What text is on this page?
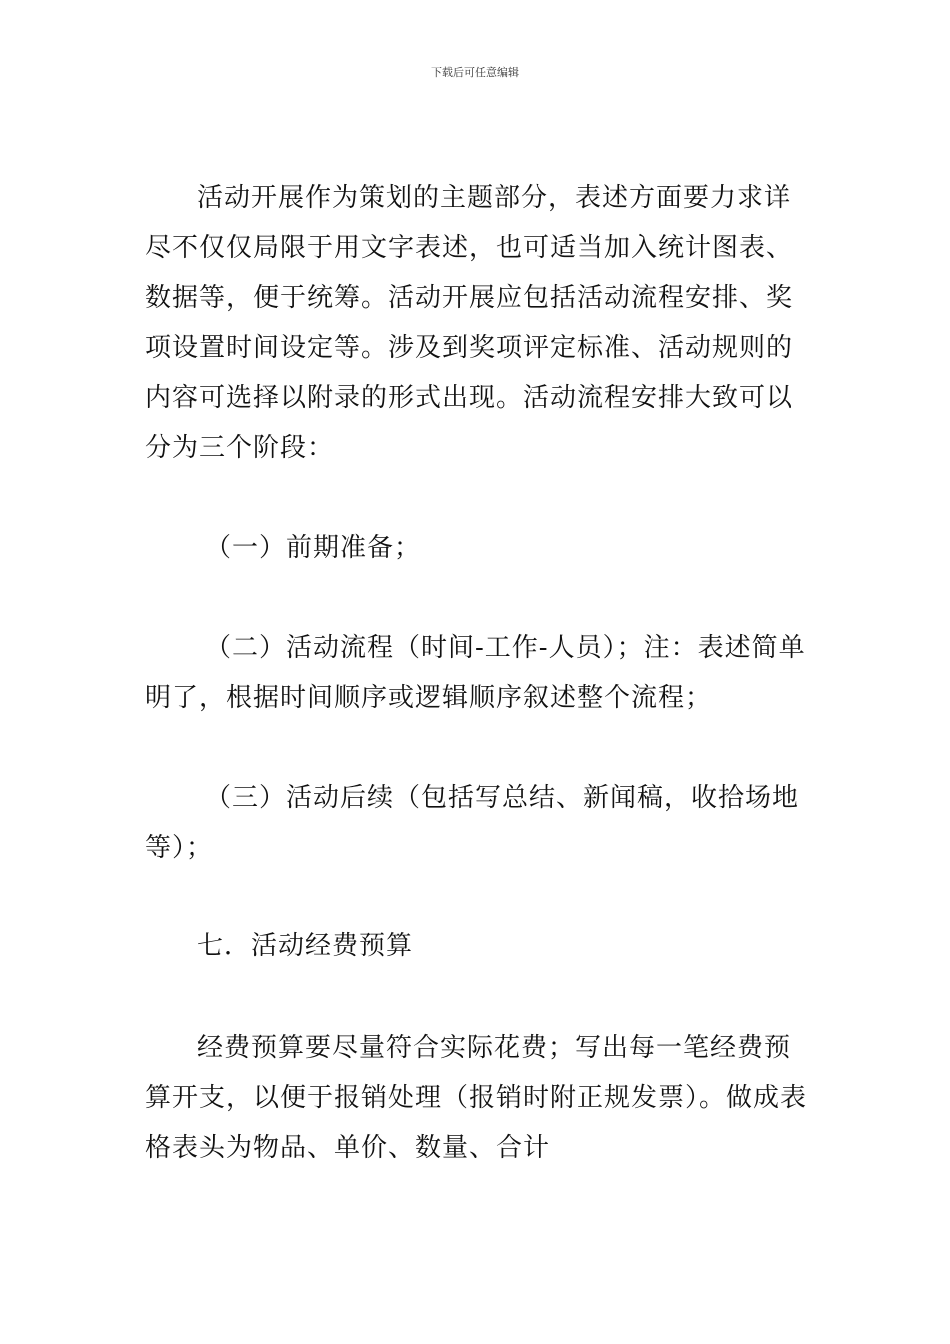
下载后可任意编辑

活动开展作为策划的主题部分，表述方面要力求详尽不仅仅局限于用文字表述，也可适当加入统计图表、数据等，便于统筹。活动开展应包括活动流程安排、奖项设置时间设定等。涉及到奖项评定标准、活动规则的内容可选择以附录的形式出现。活动流程安排大致可以分为三个阶段：

（一）前期准备；

（二）活动流程（时间-工作-人员）；注：表述简单明了，根据时间顺序或逻辑顺序叙述整个流程；

（三）活动后续（包括写总结、新闻稿，收拾场地等）；

七．活动经费预算

经费预算要尽量符合实际花费；写出每一笔经费预算开支，以便于报销处理（报销时附正规发票）。做成表格表头为物品、单价、数量、合计
